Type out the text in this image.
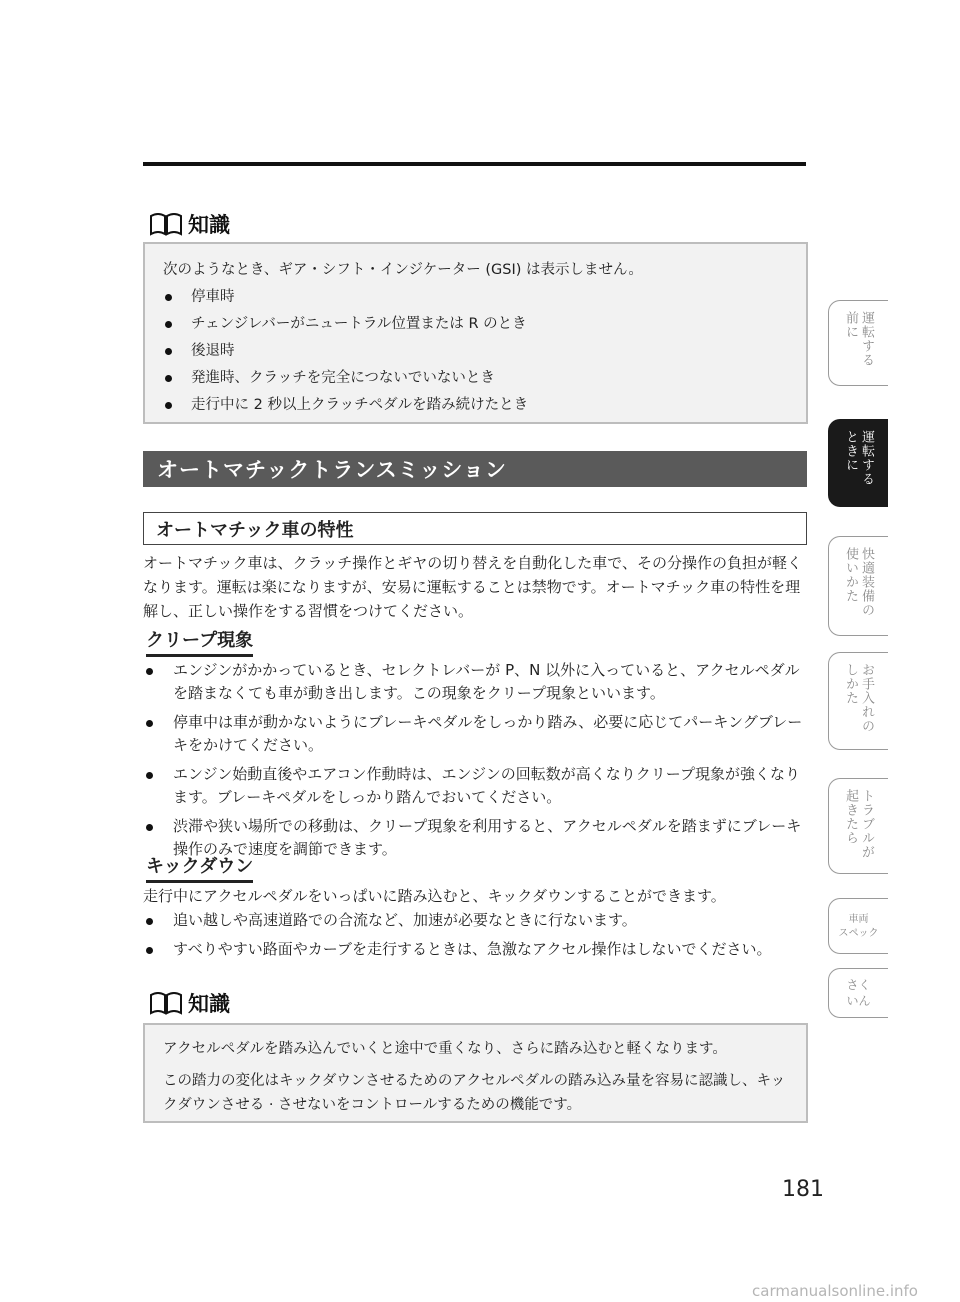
知識

次のようなとき、ギア・シフト・インジケーター (GSI) は表示しません。

停車時
チェンジレバーがニュートラル位置または R のとき
後退時
発進時、クラッチを完全につないでいないとき
走行中に 2 秒以上クラッチペダルを踏み続けたとき
オートマチックトランスミッション
オートマチック車の特性

オートマチック車は、クラッチ操作とギヤの切り替えを自動化した車で、その分操作の負担が軽くなります。運転は楽になりますが、安易に運転することは禁物です。オートマチック車の特性を理解し、正しい操作をする習慣をつけてください。

クリープ現象
エンジンがかかっているとき、セレクトレバーが P、N 以外に入っていると、アクセルペダルを踏まなくても車が動き出します。この現象をクリープ現象といいます。
停車中は車が動かないようにブレーキペダルをしっかり踏み、必要に応じてパーキングブレーキをかけてください。
エンジン始動直後やエアコン作動時は、エンジンの回転数が高くなりクリープ現象が強くなります。ブレーキペダルをしっかり踏んでおいてください。
渋滞や狭い場所での移動は、クリープ現象を利用すると、アクセルペダルを踏まずにブレーキ操作のみで速度を調節できます。
キックダウン

走行中にアクセルペダルをいっぱいに踏み込むと、キックダウンすることができます。

追い越しや高速道路での合流など、加速が必要なときに行ないます。
すべりやすい路面やカーブを走行するときは、急激なアクセル操作はしないでください。
知識

アクセルペダルを踏み込んでいくと途中で重くなり、さらに踏み込むと軽くなります。

この踏力の変化はキックダウンさせるためのアクセルペダルの踏み込み量を容易に認識し、キックダウンさせる · させないをコントロールするための機能です。

運転する
前に
運転する
ときに
快適装備の
使いかた
お手入れの
しかた
トラブルが
起きたら
車両
スペック
さく
いん
181
carmanualsonline.info
